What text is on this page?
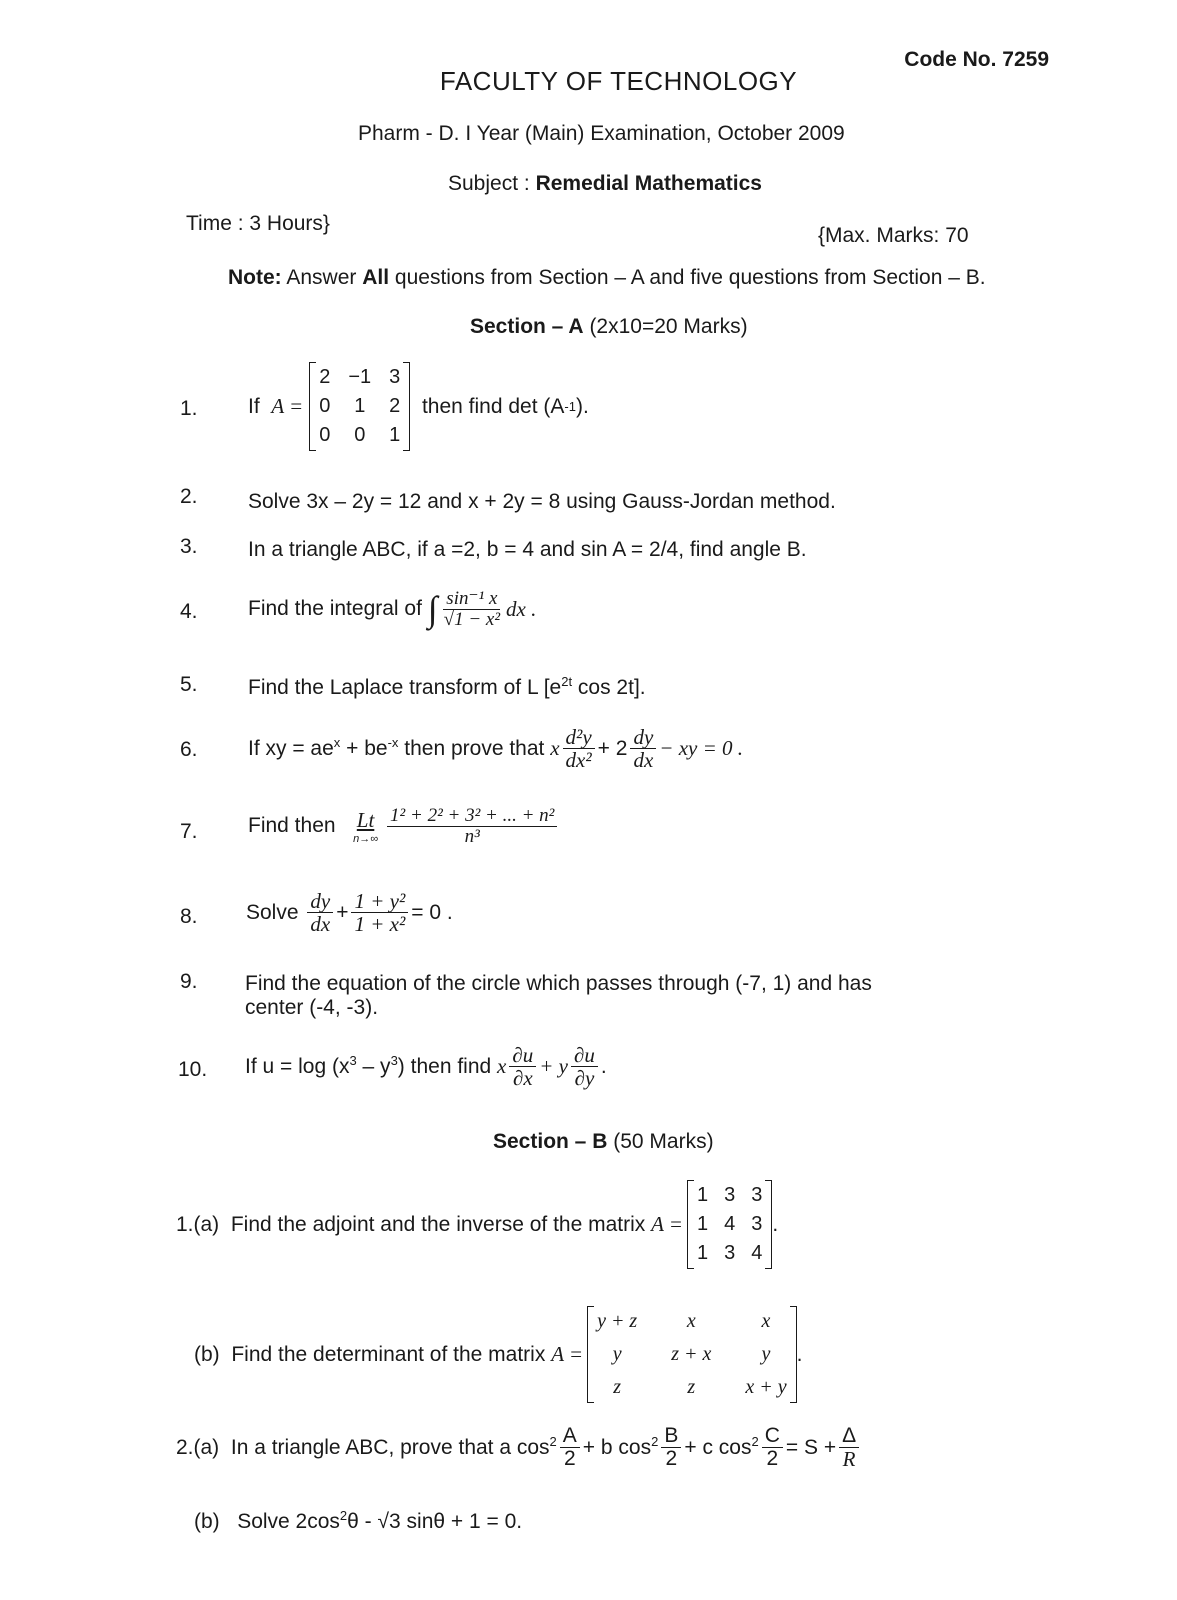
Code No. 7259
FACULTY OF TECHNOLOGY
Pharm - D. I Year (Main) Examination, October 2009
Subject : Remedial Mathematics
Time : 3 Hours}
{Max. Marks: 70
Note: Answer All questions from Section – A and five questions from Section – B.
Section – A (2x10=20 Marks)
1. If
A =
2 −1 3
0 1 2
0 0 1

then find det (A -1 ).
2. Solve 3x – 2y = 12 and x + 2y = 8 using Gauss-Jordan method.
3. In a triangle ABC, if a =2, b = 4 and sin A = 2/4, find angle B.
4. Find the integral of
∫ $\frac{\text{sin⁻¹ x}}{\text{√1 − x²}}$ dx .
5. Find the Laplace transform of L [$e^{2t}$ cos 2t].
6. If xy = $ae^x + be^{-x}$ then prove that
x $\frac{\text{d²y}}{\text{dx²}} + 2 \frac{dy}{dx}$ − xy = 0 .
7. Find then
Lt
$n\to\infty \frac{\text{1² + 2² + 3² + ... + n²}}{\text{n³}}$
8. Solve
$\frac{dy}{dx} + \frac{\text{1 + y²}}{\text{1 + x²}} = 0$ .
9. Find the equation of the circle which passes through (-7, 1) and has
center (-4, -3).
10. If $u = \log (x^3 - y^3$ ) then find
x $\frac{\partial u}{\partial x} + y \frac{\partial u}{\partial y}$ .
Section – B (50 Marks)
1.(a)
Find the adjoint and the inverse of the matrix
A =
1 3 3
1 4 3
1 3 4
.
(b)
Find the determinant of the matrix
A =
y + z	x	x
y	z + x	y
z	z	x + y
.
2.(a)
In a triangle ABC, prove that a $\cos^2 \frac{A}{2} + b$ $\cos^2 \frac{B}{2} + c$ $\cos^2 \frac{C}{2} = S + \frac{\Delta}{R}$
(b) Solve $2\cos^2\theta - √3$ sinθ + 1 = 0.
